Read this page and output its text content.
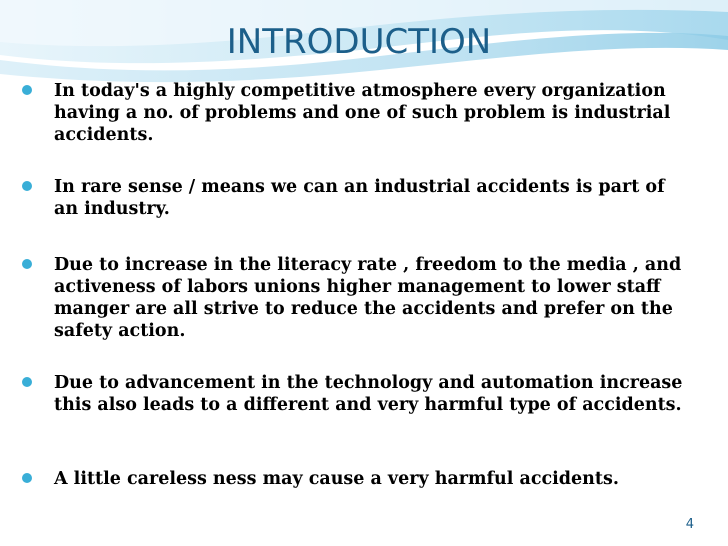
INTRODUCTION
In today's a highly competitive atmosphere every organization having a no. of problems and one of such problem is industrial accidents.
In rare sense / means we can an industrial accidents is part of an industry.
Due to increase in the literacy rate , freedom to the media , and activeness of labors unions higher management to lower staff manger are all strive to reduce the accidents and prefer on the safety action.
Due to advancement in the technology and automation increase this also leads to a different and very harmful type of accidents.
A little careless ness may cause a very harmful accidents.
4
